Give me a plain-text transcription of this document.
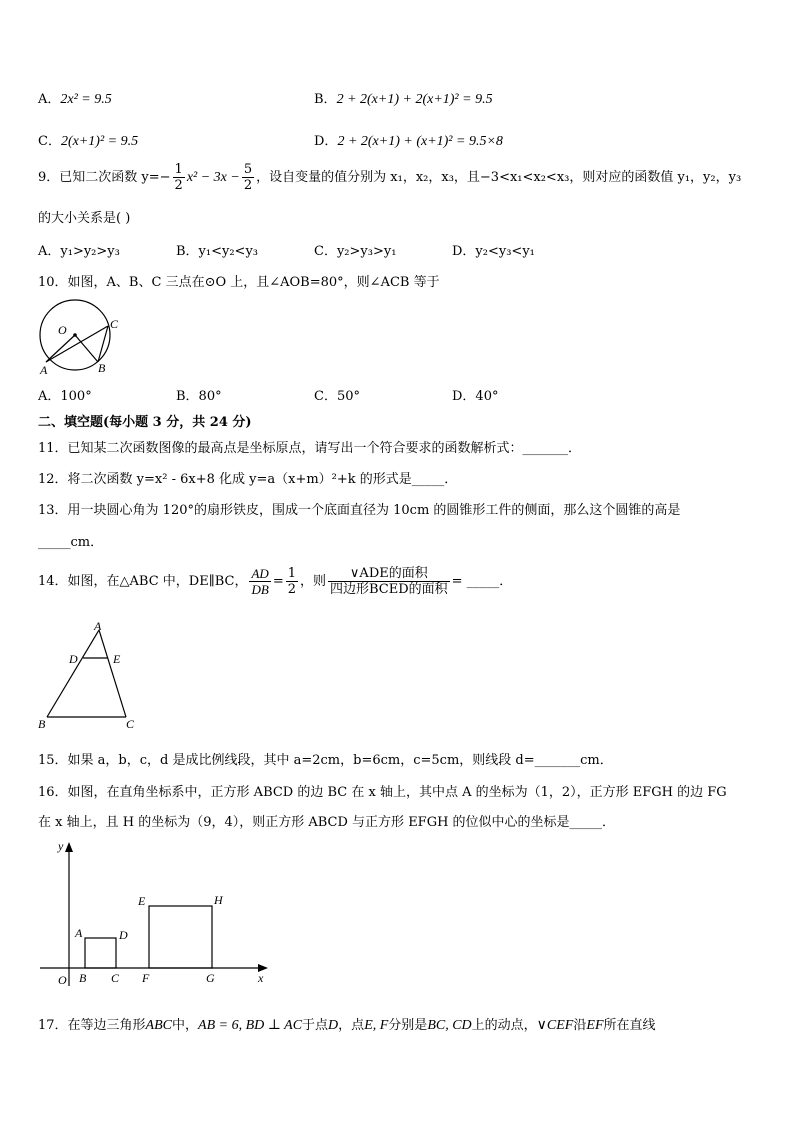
A．2x² = 9.5	B．2 + 2(x+1) + 2(x+1)² = 9.5
C．2(x+1)² = 9.5	D．2 + 2(x+1) + (x+1)² = 9.5×8
9．已知二次函数 $y=- \frac{1}{2} x^2 - 3x - \frac{5}{2}$ ，设自变量的值分别为 x₁，x₂，x₃，且−3<x₁<x₂<x₃，则对应的函数值 y₁，y₂，y₃
的大小关系是( )
A．y₁>y₂>y₃	B．y₁<y₂<y₃	C．y₂>y₃>y₁	D．y₂<y₃<y₁
10．如图，A、B、C 三点在⊙O 上，且∠AOB=80°，则∠ACB 等于
O
A	B
C
A．100°	B．80°	C．50°	D．40°
二、填空题(每小题 3 分，共 24 分)
11．已知某二次函数图像的最高点是坐标原点，请写出一个符合要求的函数解析式：_______．
12．将二次函数 y=x² - 6x+8 化成 y=a（x+m）²+k 的形式是_____．
13．用一块圆心角为 120°的扇形铁皮，围成一个底面直径为 10cm 的圆锥形工件的侧面，那么这个圆锥的高是
_____cm．
14．如图，在△ABC 中，DE∥BC， $\frac{AD}{DB} = \frac{1}{2}$ ，则 $\frac{\text{∨ADE的面积}}{\text{四边形BCED的面积}}$ = _____．
A
D	E
B	C
15．如果 a，b，c，d 是成比例线段，其中 a=2cm，b=6cm，c=5cm，则线段 d=_______cm．
16．如图，在直角坐标系中，正方形 ABCD 的边 BC 在 x 轴上，其中点 A 的坐标为（1，2），正方形 EFGH 的边 FG
在 x 轴上，且 H 的坐标为（9，4），则正方形 ABCD 与正方形 EFGH 的位似中心的坐标是_____．
y
x
O
A
B C
D
E
F	G
H
17．在等边三角形ABC中，AB = 6, BD ⊥ AC于点D，点E, F分别是BC, CD上的动点，∨CEF沿EF所在直线
